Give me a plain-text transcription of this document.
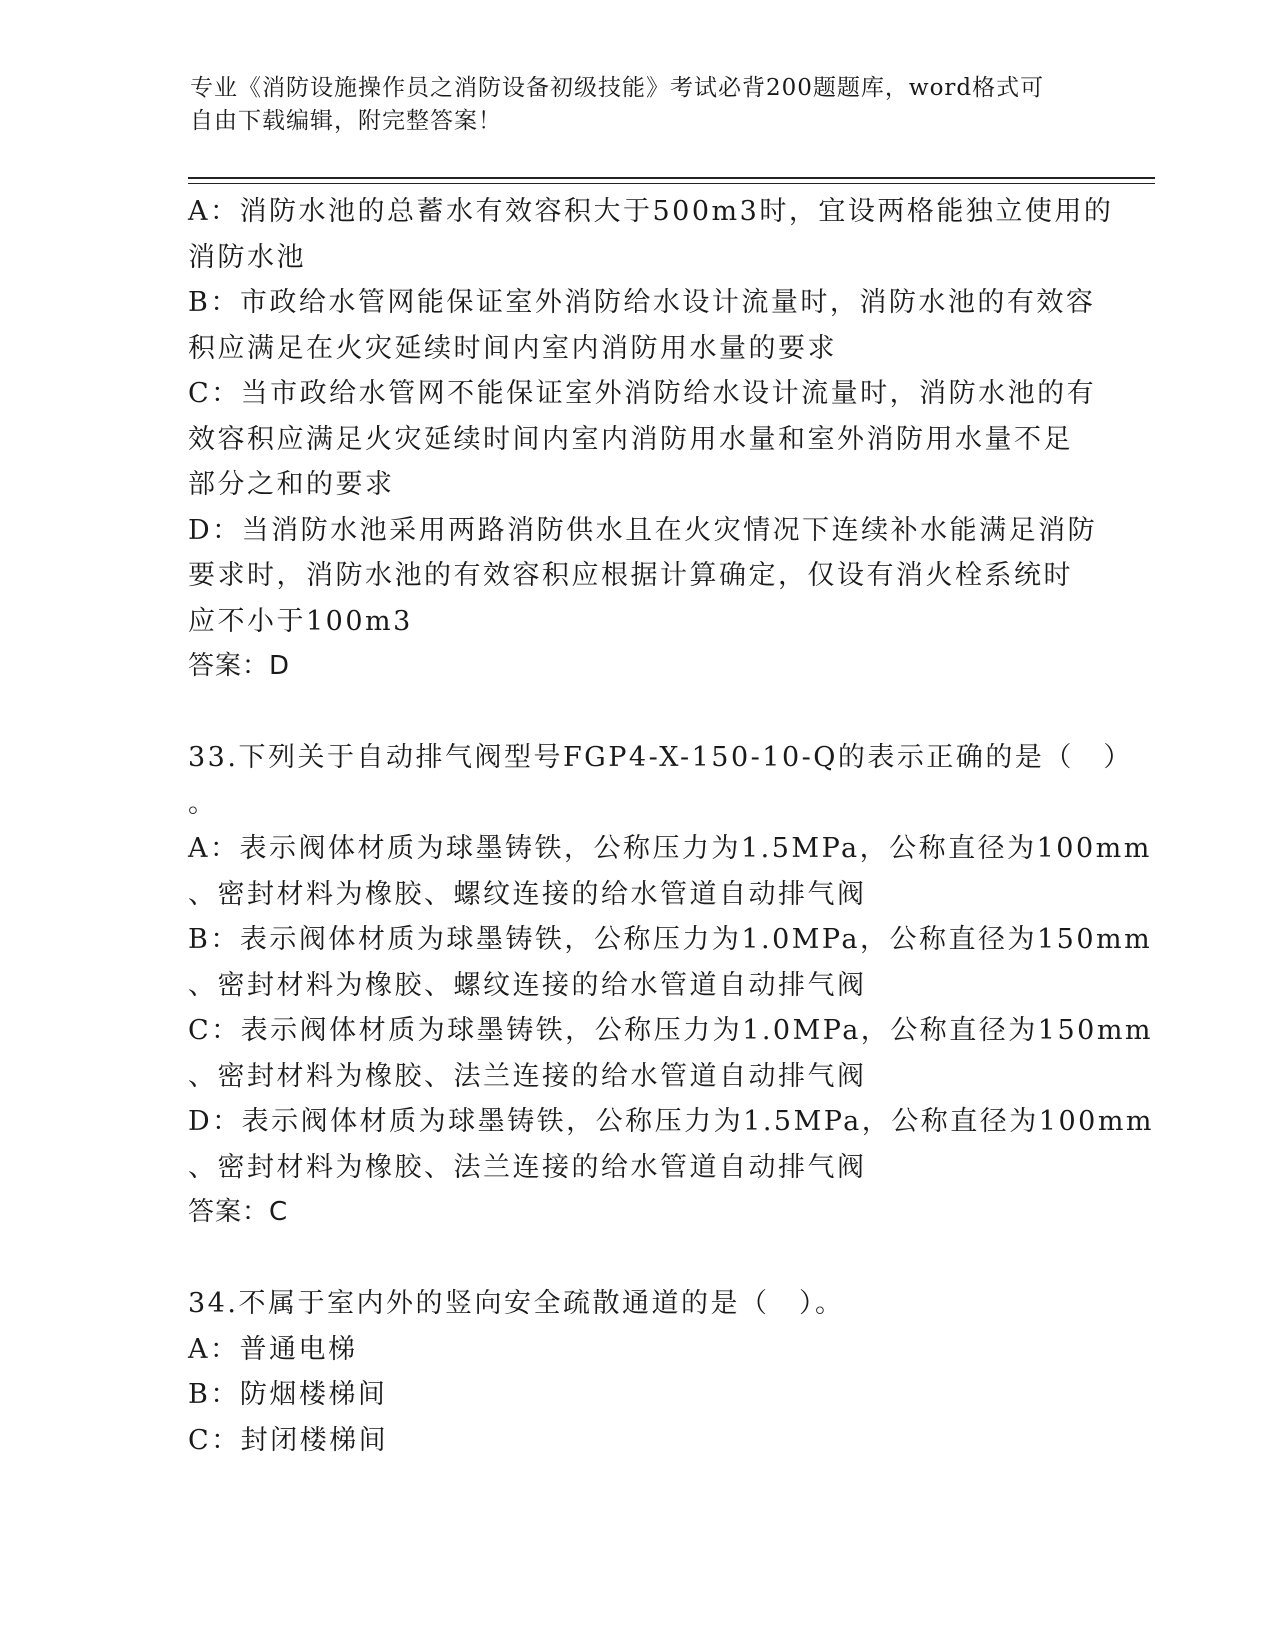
专业《消防设施操作员之消防设备初级技能》考试必背200题题库，word格式可
自由下载编辑，附完整答案！

A：消防水池的总蓄水有效容积大于500m3时，宜设两格能独立使用的

消防水池

B：市政给水管网能保证室外消防给水设计流量时，消防水池的有效容

积应满足在火灾延续时间内室内消防用水量的要求

C：当市政给水管网不能保证室外消防给水设计流量时，消防水池的有

效容积应满足火灾延续时间内室内消防用水量和室外消防用水量不足

部分之和的要求

D：当消防水池采用两路消防供水且在火灾情况下连续补水能满足消防

要求时，消防水池的有效容积应根据计算确定，仅设有消火栓系统时

应不小于100m3

答案：D

33.下列关于自动排气阀型号FGP4-X-150-10-Q的表示正确的是（　）

。

A：表示阀体材质为球墨铸铁，公称压力为1.5MPa，公称直径为100mm

、密封材料为橡胶、螺纹连接的给水管道自动排气阀

B：表示阀体材质为球墨铸铁，公称压力为1.0MPa，公称直径为150mm

、密封材料为橡胶、螺纹连接的给水管道自动排气阀

C：表示阀体材质为球墨铸铁，公称压力为1.0MPa，公称直径为150mm

、密封材料为橡胶、法兰连接的给水管道自动排气阀

D：表示阀体材质为球墨铸铁，公称压力为1.5MPa，公称直径为100mm

、密封材料为橡胶、法兰连接的给水管道自动排气阀

答案：C

34.不属于室内外的竖向安全疏散通道的是（　）。

A：普通电梯

B：防烟楼梯间

C：封闭楼梯间
